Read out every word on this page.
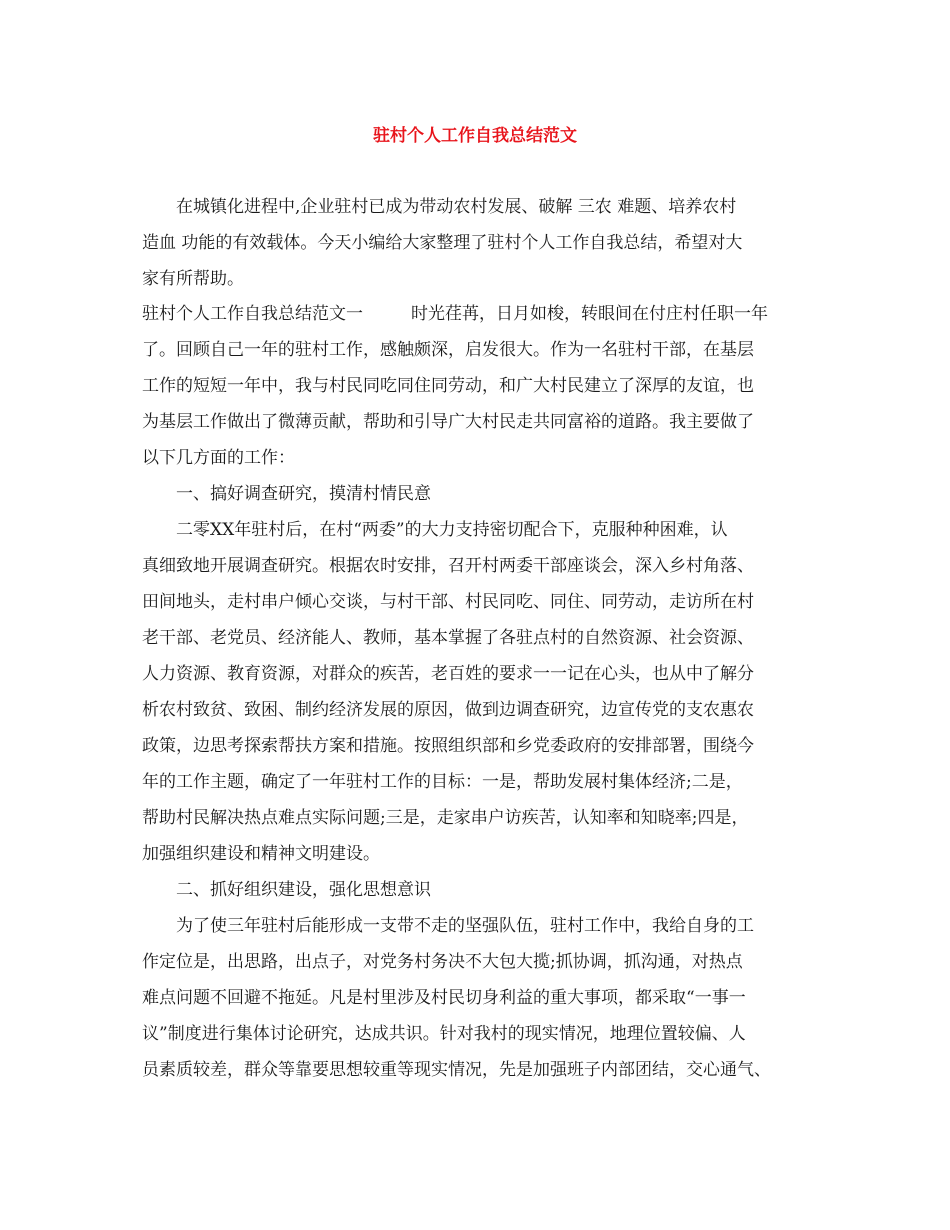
驻村个人工作自我总结范文
在城镇化进程中,企业驻村已成为带动农村发展、破解 三农 难题、培养农村
造血 功能的有效载体。今天小编给大家整理了驻村个人工作自我总结，希望对大
家有所帮助。
驻村个人工作自我总结范文一	时光荏苒，日月如梭，转眼间在付庄村任职一年
了。回顾自己一年的驻村工作，感触颇深，启发很大。作为一名驻村干部，在基层
工作的短短一年中，我与村民同吃同住同劳动，和广大村民建立了深厚的友谊，也
为基层工作做出了微薄贡献，帮助和引导广大村民走共同富裕的道路。我主要做了
以下几方面的工作：
一、搞好调查研究，摸清村情民意
二零XX年驻村后，在村“两委”的大力支持密切配合下，克服种种困难，认
真细致地开展调查研究。根据农时安排，召开村两委干部座谈会，深入乡村角落、
田间地头，走村串户倾心交谈，与村干部、村民同吃、同住、同劳动，走访所在村
老干部、老党员、经济能人、教师，基本掌握了各驻点村的自然资源、社会资源、
人力资源、教育资源，对群众的疾苦，老百姓的要求一一记在心头，也从中了解分
析农村致贫、致困、制约经济发展的原因，做到边调查研究，边宣传党的支农惠农
政策，边思考探索帮扶方案和措施。按照组织部和乡党委政府的安排部署，围绕今
年的工作主题，确定了一年驻村工作的目标：一是，帮助发展村集体经济;二是，
帮助村民解决热点难点实际问题;三是，走家串户访疾苦，认知率和知晓率;四是，
加强组织建设和精神文明建设。
二、抓好组织建设，强化思想意识
为了使三年驻村后能形成一支带不走的坚强队伍，驻村工作中，我给自身的工
作定位是，出思路，出点子，对党务村务决不大包大揽;抓协调，抓沟通，对热点
难点问题不回避不拖延。凡是村里涉及村民切身利益的重大事项，都采取“一事一
议”制度进行集体讨论研究，达成共识。针对我村的现实情况，地理位置较偏、人
员素质较差，群众等靠要思想较重等现实情况，先是加强班子内部团结，交心通气、
